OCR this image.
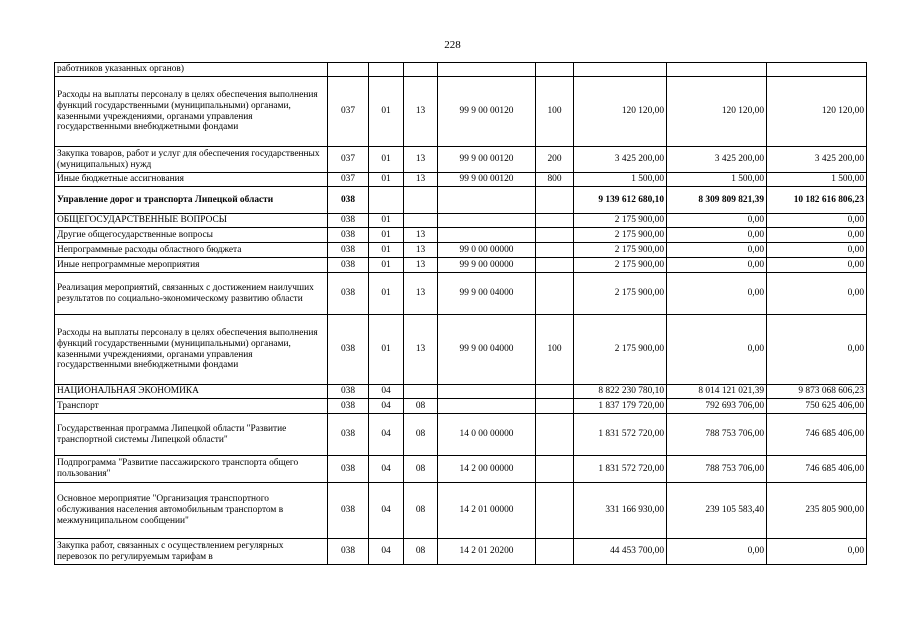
228
работников указанных органов)								
Расходы на выплаты персоналу в целях обеспечения выполнения функций государственными (муниципальными) органами, казенными учреждениями, органами управления государственными внебюджетными фондами	037	01	13	99 9 00 00120	100	120 120,00	120 120,00	120 120,00
Закупка товаров, работ и услуг для обеспечения государственных (муниципальных) нужд	037	01	13	99 9 00 00120	200	3 425 200,00	3 425 200,00	3 425 200,00
Иные бюджетные ассигнования	037	01	13	99 9 00 00120	800	1 500,00	1 500,00	1 500,00
Управление дорог и транспорта Липецкой области	038					9 139 612 680,10	8 309 809 821,39	10 182 616 806,23
ОБЩЕГОСУДАРСТВЕННЫЕ ВОПРОСЫ	038	01				2 175 900,00	0,00	0,00
Другие общегосударственные вопросы	038	01	13			2 175 900,00	0,00	0,00
Непрограммные расходы областного бюджета	038	01	13	99 0 00 00000		2 175 900,00	0,00	0,00
Иные непрограммные мероприятия	038	01	13	99 9 00 00000		2 175 900,00	0,00	0,00
Реализация мероприятий, связанных с достижением наилучших результатов по социально-экономическому развитию области	038	01	13	99 9 00 04000		2 175 900,00	0,00	0,00
Расходы на выплаты персоналу в целях обеспечения выполнения функций государственными (муниципальными) органами, казенными учреждениями, органами управления государственными внебюджетными фондами	038	01	13	99 9 00 04000	100	2 175 900,00	0,00	0,00
НАЦИОНАЛЬНАЯ ЭКОНОМИКА	038	04				8 822 230 780,10	8 014 121 021,39	9 873 068 606,23
Транспорт	038	04	08			1 837 179 720,00	792 693 706,00	750 625 406,00
Государственная программа Липецкой области "Развитие транспортной системы Липецкой области"	038	04	08	14 0 00 00000		1 831 572 720,00	788 753 706,00	746 685 406,00
Подпрограмма "Развитие пассажирского транспорта общего пользования"	038	04	08	14 2 00 00000		1 831 572 720,00	788 753 706,00	746 685 406,00
Основное мероприятие "Организация транспортного обслуживания населения автомобильным транспортом в межмуниципальном сообщении"	038	04	08	14 2 01 00000		331 166 930,00	239 105 583,40	235 805 900,00
Закупка работ, связанных с осуществлением регулярных перевозок по регулируемым тарифам в	038	04	08	14 2 01 20200		44 453 700,00	0,00	0,00
